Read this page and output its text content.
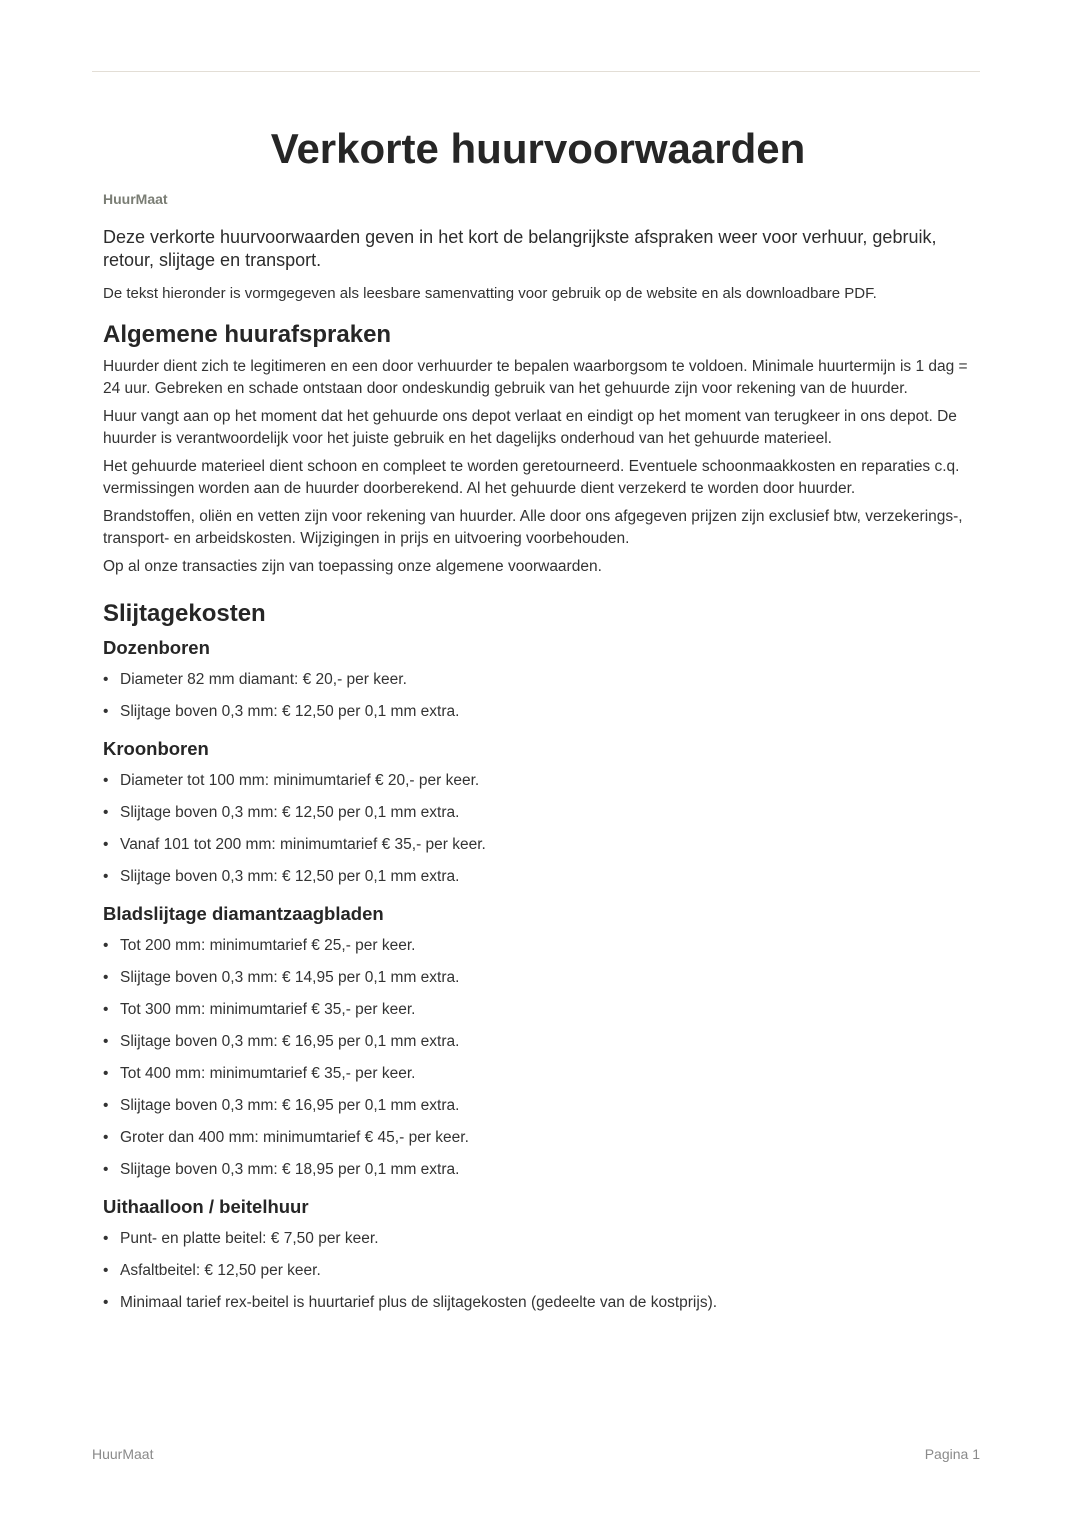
Verkorte huurvoorwaarden
HuurMaat
Deze verkorte huurvoorwaarden geven in het kort de belangrijkste afspraken weer voor verhuur, gebruik, retour, slijtage en transport.
De tekst hieronder is vormgegeven als leesbare samenvatting voor gebruik op de website en als downloadbare PDF.
Algemene huurafspraken

Huurder dient zich te legitimeren en een door verhuurder te bepalen waarborgsom te voldoen. Minimale huurtermijn is 1 dag = 24 uur. Gebreken en schade ontstaan door ondeskundig gebruik van het gehuurde zijn voor rekening van de huurder.

Huur vangt aan op het moment dat het gehuurde ons depot verlaat en eindigt op het moment van terugkeer in ons depot. De huurder is verantwoordelijk voor het juiste gebruik en het dagelijks onderhoud van het gehuurde materieel.

Het gehuurde materieel dient schoon en compleet te worden geretourneerd. Eventuele schoonmaakkosten en reparaties c.q. vermissingen worden aan de huurder doorberekend. Al het gehuurde dient verzekerd te worden door huurder.

Brandstoffen, oliën en vetten zijn voor rekening van huurder. Alle door ons afgegeven prijzen zijn exclusief btw, verzekerings-, transport- en arbeidskosten. Wijzigingen in prijs en uitvoering voorbehouden.

Op al onze transacties zijn van toepassing onze algemene voorwaarden.

Slijtagekosten
Dozenboren
• Diameter 82 mm diamant: € 20,- per keer.
• Slijtage boven 0,3 mm: € 12,50 per 0,1 mm extra.
Kroonboren
• Diameter tot 100 mm: minimumtarief € 20,- per keer.
• Slijtage boven 0,3 mm: € 12,50 per 0,1 mm extra.
• Vanaf 101 tot 200 mm: minimumtarief € 35,- per keer.
• Slijtage boven 0,3 mm: € 12,50 per 0,1 mm extra.
Bladslijtage diamantzaagbladen
• Tot 200 mm: minimumtarief € 25,- per keer.
• Slijtage boven 0,3 mm: € 14,95 per 0,1 mm extra.
• Tot 300 mm: minimumtarief € 35,- per keer.
• Slijtage boven 0,3 mm: € 16,95 per 0,1 mm extra.
• Tot 400 mm: minimumtarief € 35,- per keer.
• Slijtage boven 0,3 mm: € 16,95 per 0,1 mm extra.
• Groter dan 400 mm: minimumtarief € 45,- per keer.
• Slijtage boven 0,3 mm: € 18,95 per 0,1 mm extra.
Uithaalloon / beitelhuur
• Punt- en platte beitel: € 7,50 per keer.
• Asfaltbeitel: € 12,50 per keer.
• Minimaal tarief rex-beitel is huurtarief plus de slijtagekosten (gedeelte van de kostprijs).
HuurMaat	Pagina 1
